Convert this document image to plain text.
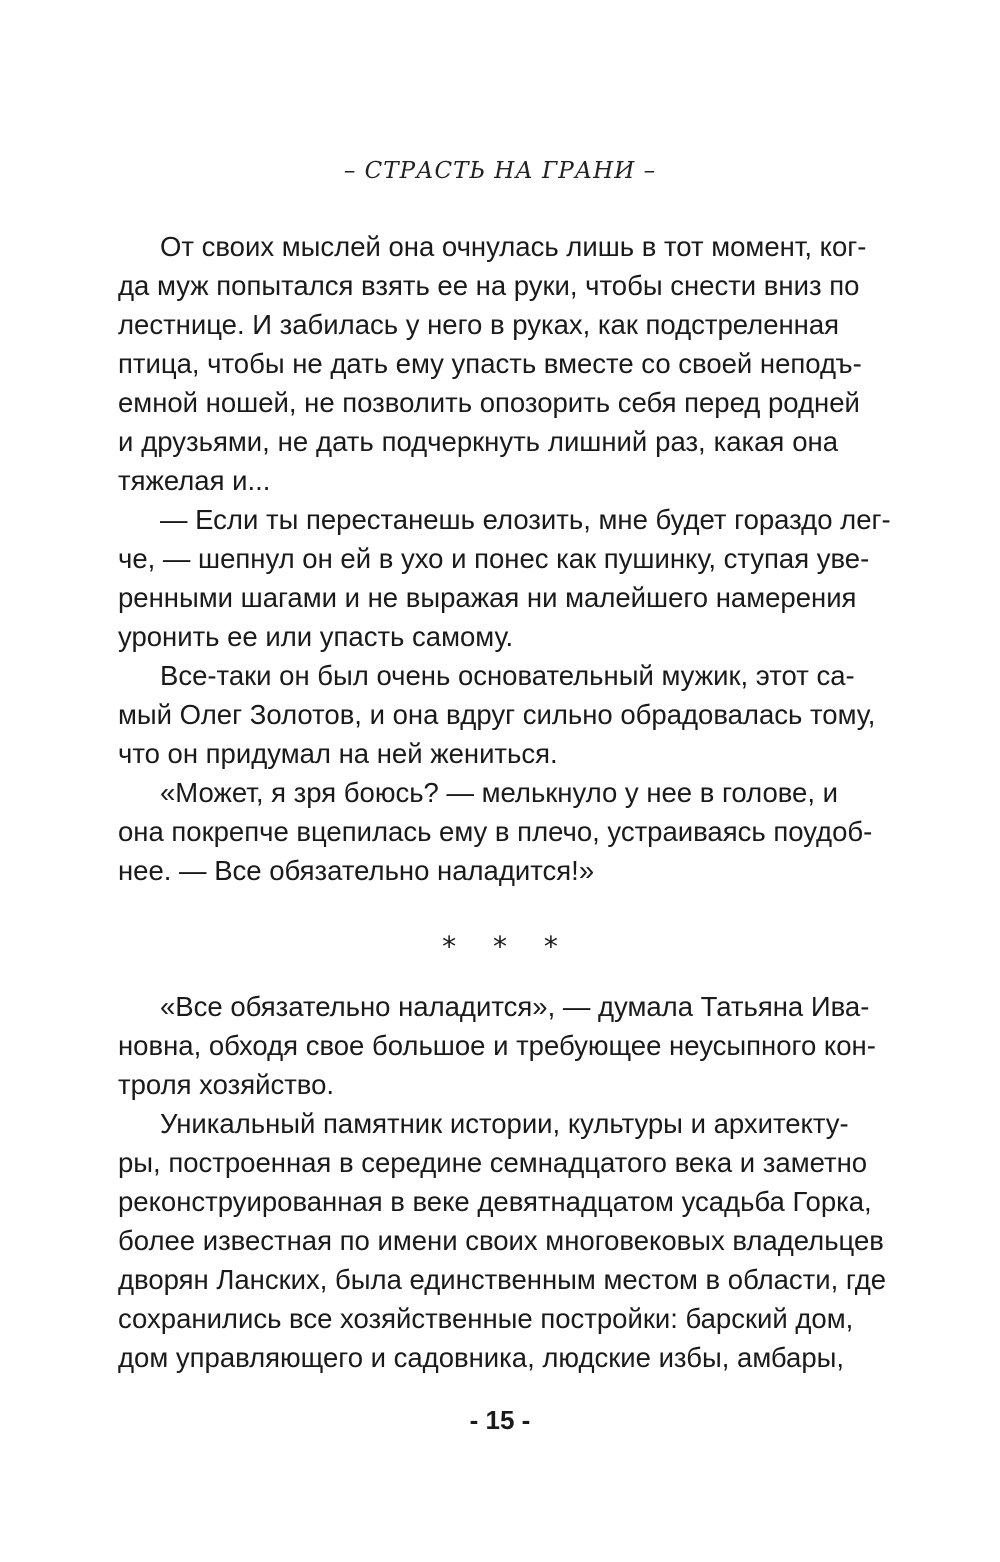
– СТРАСТЬ НА ГРАНИ –
От своих мыслей она очнулась лишь в тот момент, ког-
да муж попытался взять ее на руки, чтобы снести вниз по
лестнице. И забилась у него в руках, как подстреленная
птица, чтобы не дать ему упасть вместе со своей неподъ-
емной ношей, не позволить опозорить себя перед родней
и друзьями, не дать подчеркнуть лишний раз, какая она
тяжелая и...
— Если ты перестанешь елозить, мне будет гораздо лег-
че, — шепнул он ей в ухо и понес как пушинку, ступая уве-
ренными шагами и не выражая ни малейшего намерения
уронить ее или упасть самому.
Все-таки он был очень основательный мужик, этот са-
мый Олег Золотов, и она вдруг сильно обрадовалась тому,
что он придумал на ней жениться.
«Может, я зря боюсь? — мелькнуло у нее в голове, и
она покрепче вцепилась ему в плечо, устраиваясь поудоб-
нее. — Все обязательно наладится!»
* * *
«Все обязательно наладится», — думала Татьяна Ива-
новна, обходя свое большое и требующее неусыпного кон-
троля хозяйство.
Уникальный памятник истории, культуры и архитекту-
ры, построенная в середине семнадцатого века и заметно
реконструированная в веке девятнадцатом усадьба Горка,
более известная по имени своих многовековых владельцев
дворян Ланских, была единственным местом в области, где
сохранились все хозяйственные постройки: барский дом,
дом управляющего и садовника, людские избы, амбары,
- 15 -
